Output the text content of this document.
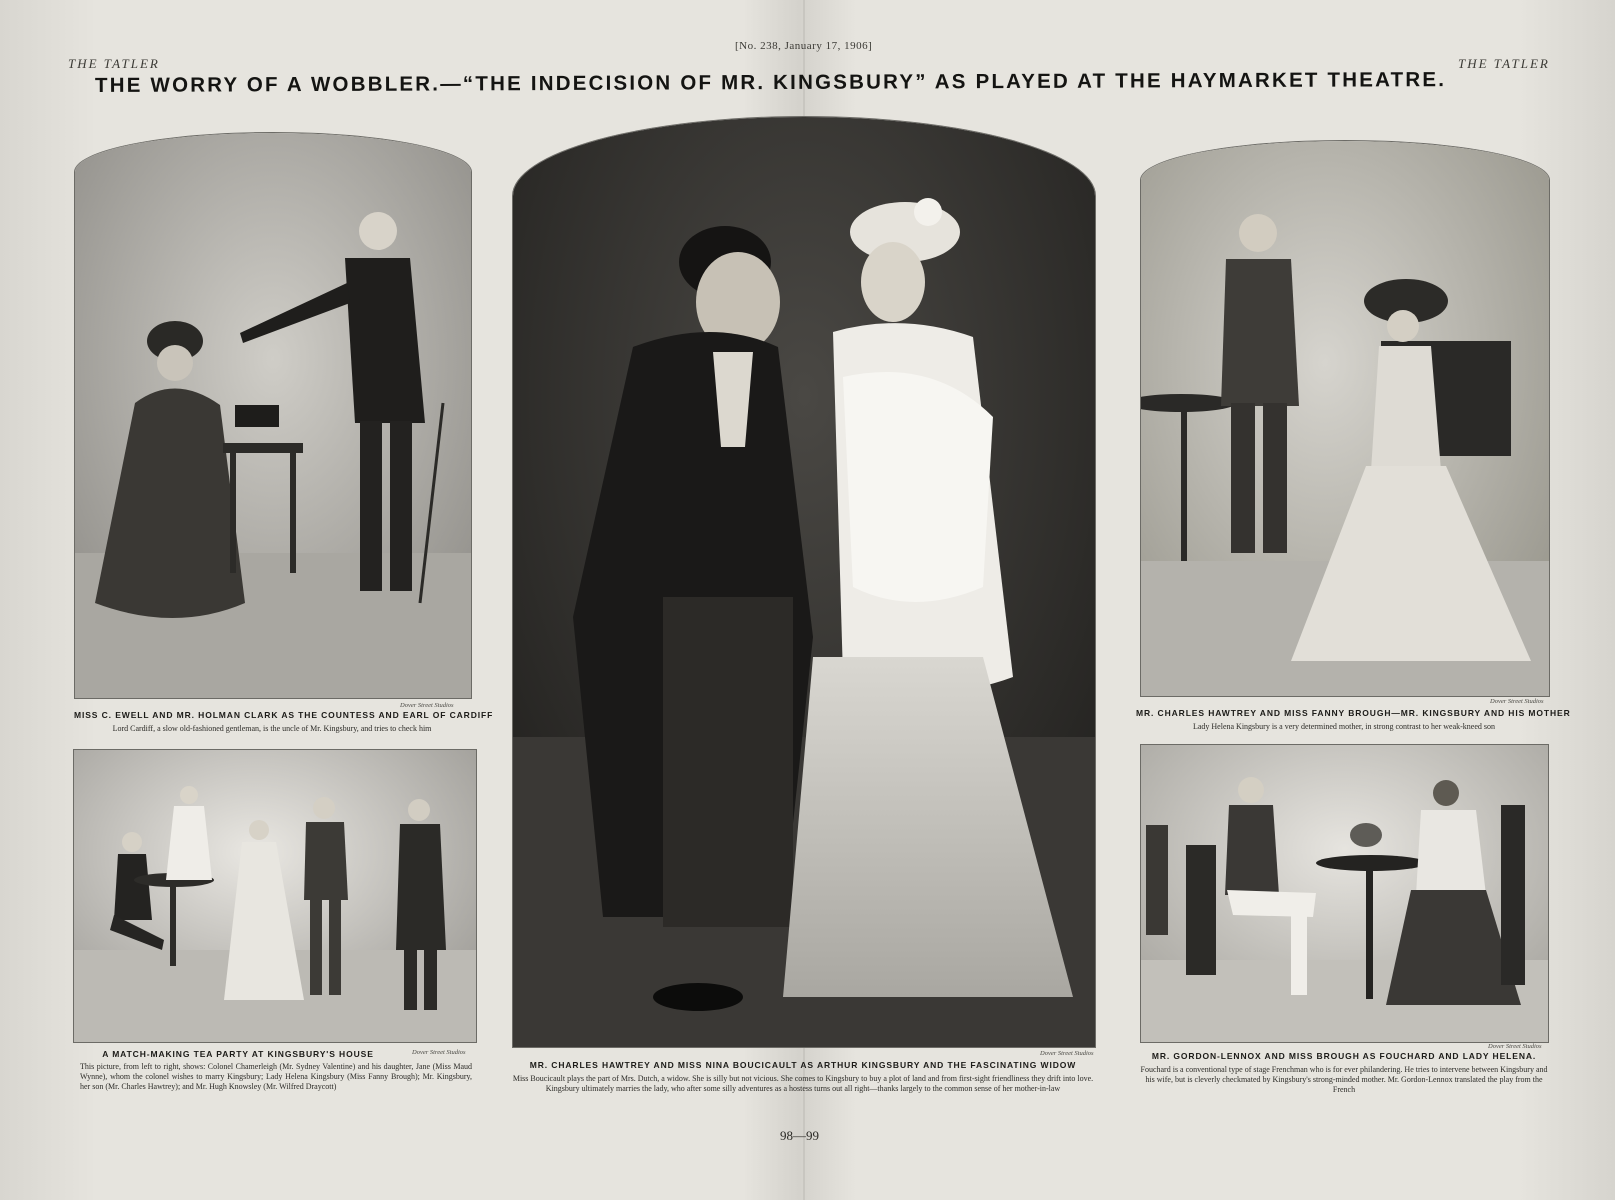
THE TATLER	THE TATLER
[No. 238, January 17, 1906]
THE WORRY OF A WOBBLER.—“THE INDECISION OF MR. KINGSBURY” AS PLAYED AT THE HAYMARKET THEATRE.
Dover Street Studios
MISS C. EWELL AND MR. HOLMAN CLARK AS THE COUNTESS AND EARL OF CARDIFF
Lord Cardiff, a slow old-fashioned gentleman, is the uncle of Mr. Kingsbury, and tries to check him
A MATCH-MAKING TEA PARTY AT KINGSBURY'S HOUSE	Dover Street Studios
This picture, from left to right, shows: Colonel Chamerleigh (Mr. Sydney Valentine) and his daughter, Jane (Miss Maud Wynne), whom the colonel wishes to marry Kingsbury; Lady Helena Kingsbury (Miss Fanny Brough); Mr. Kingsbury, her son (Mr. Charles Hawtrey); and Mr. Hugh Knowsley (Mr. Wilfred Draycott)
Dover Street Studios
MR. CHARLES HAWTREY AND MISS NINA BOUCICAULT AS ARTHUR KINGSBURY AND THE FASCINATING WIDOW
Miss Boucicault plays the part of Mrs. Dutch, a widow. She is silly but not vicious. She comes to Kingsbury to buy a plot of land and from first-sight friendliness they drift into love. Kingsbury ultimately marries the lady, who after some silly adventures as a hostess turns out all right—thanks largely to the common sense of her mother-in-law
Dover Street Studios
MR. CHARLES HAWTREY AND MISS FANNY BROUGH—MR. KINGSBURY AND HIS MOTHER
Lady Helena Kingsbury is a very determined mother, in strong contrast to her weak-kneed son
Dover Street Studios
MR. GORDON-LENNOX AND MISS BROUGH AS FOUCHARD AND LADY HELENA.
Fouchard is a conventional type of stage Frenchman who is for ever philandering. He tries to intervene between Kingsbury and his wife, but is cleverly checkmated by Kingsbury's strong-minded mother. Mr. Gordon-Lennox translated the play from the French
98—99
